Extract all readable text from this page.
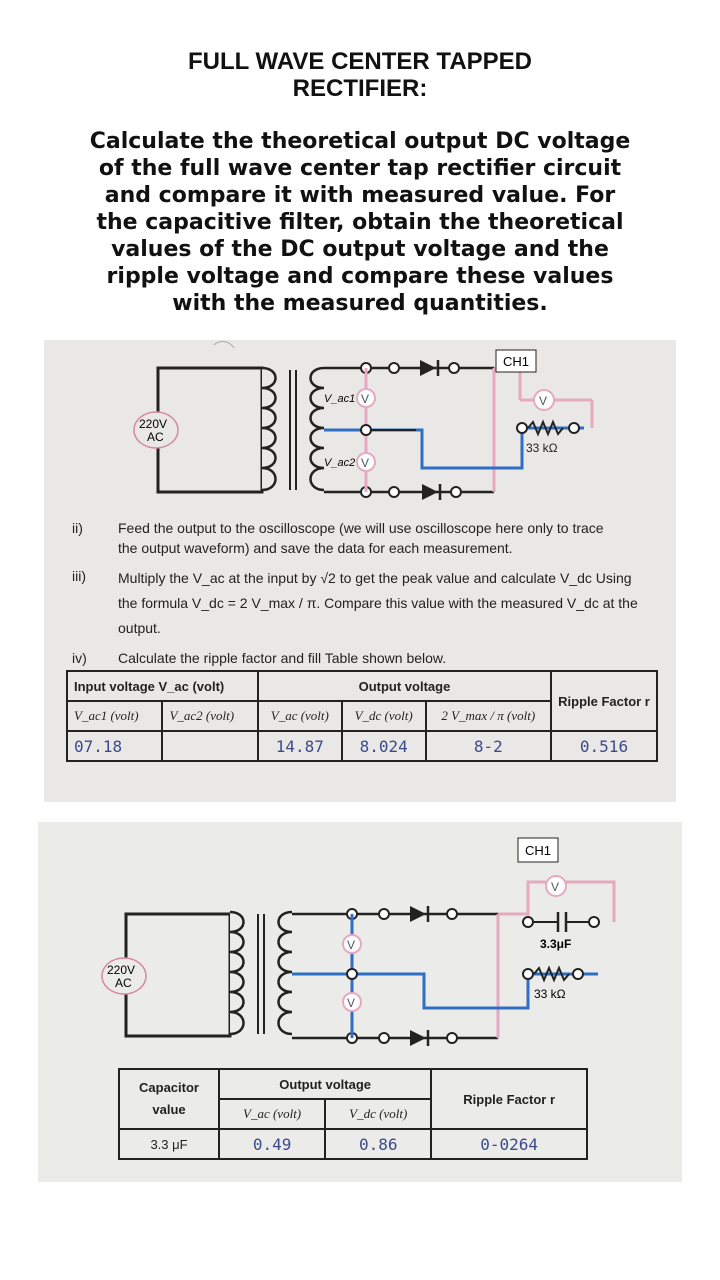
FULL WAVE CENTER TAPPED
RECTIFIER:
Calculate the theoretical output DC voltage
of the full wave center tap rectifier circuit
and compare it with measured value. For
the capacitive filter, obtain the theoretical
values of the DC output voltage and the
ripple voltage and compare these values
with the measured quantities.
V
V
V_ac1
V_ac2
CH1
V
33 kΩ
220V
AC
ii)	Feed the output to the oscilloscope (we will use oscilloscope here only to trace
the output waveform) and save the data for each measurement.
iii) Multiply the V_ac at the input by √2 to get the peak value and calculate V_dc Using
the formula V_dc = 2 V_max / π. Compare this value with the measured V_dc at the
output.
iv) Calculate the ripple factor and fill Table shown below.
Input voltage V_ac (volt)		Output voltage			Ripple Factor r
V_ac1 (volt)	V_ac2 (volt)	V_ac (volt)	V_dc (volt)	2 V_max / π (volt)	
07.18		14.87	8.024	8-2	0.516
CH1
V
V
V
3.3μF
33 kΩ
220V
AC
Capacitor
value	Output voltage		Ripple Factor r
	V_ac (volt)	V_dc (volt)	
3.3 μF	0.49	0.86	0-0264
